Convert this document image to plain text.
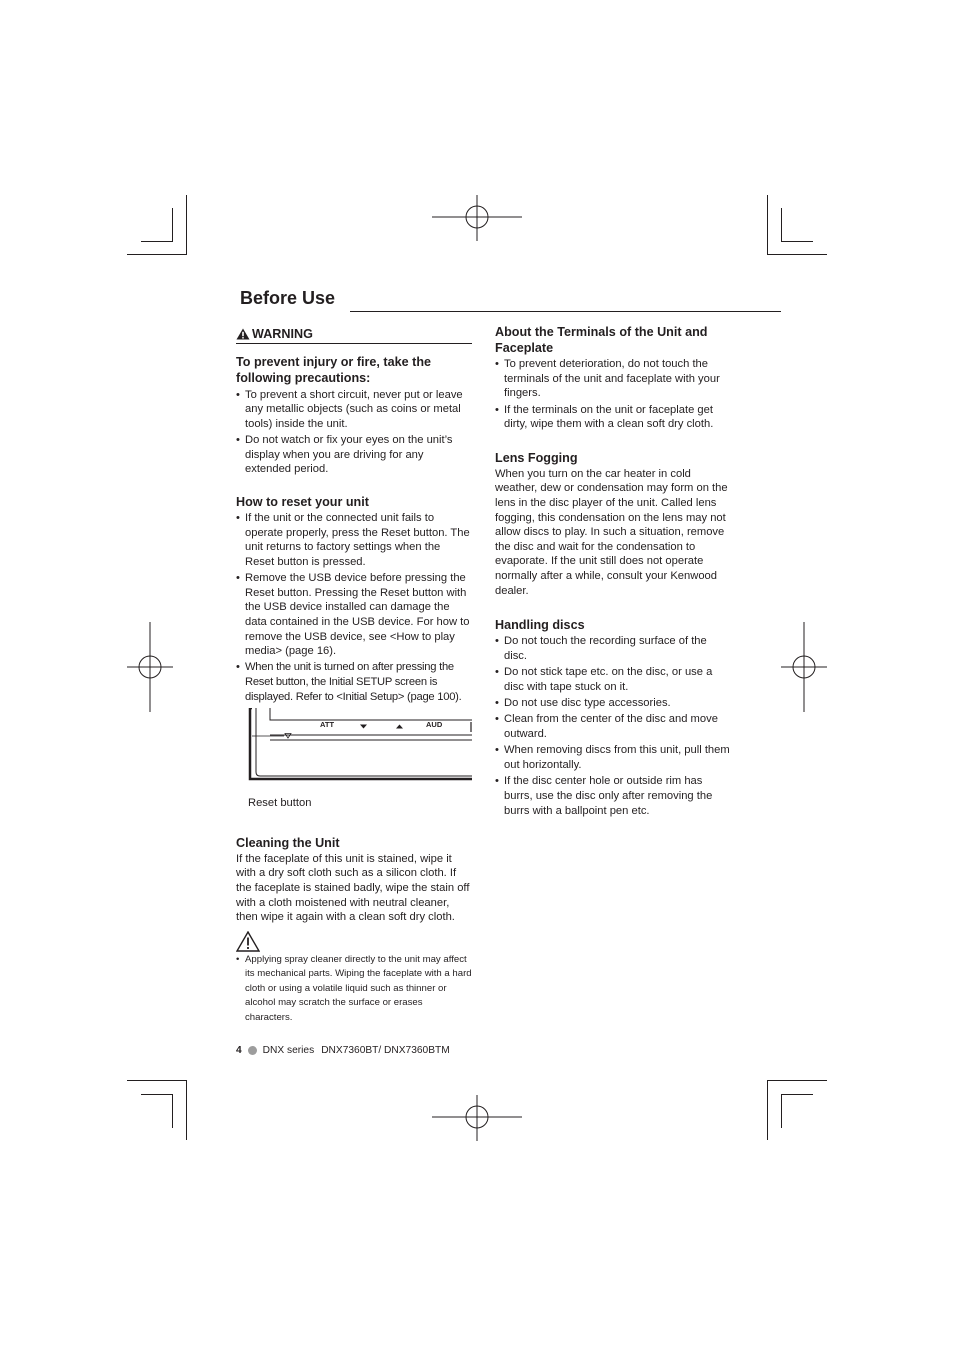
Before Use
WARNING
To prevent injury or fire, take the following precautions:
• To prevent a short circuit, never put or leave any metallic objects (such as coins or metal tools) inside the unit.
• Do not watch or fix your eyes on the unit’s display when you are driving for any extended period.
How to reset your unit
• If the unit or the connected unit fails to operate properly, press the Reset button. The unit returns to factory settings when the Reset button is pressed.
• Remove the USB device before pressing the Reset button. Pressing the Reset button with the USB device installed can damage the data contained in the USB device. For how to remove the USB device, see <How to play media> (page 16).
• When the unit is turned on after pressing the Reset button, the Initial SETUP screen is displayed. Refer to <Initial Setup> (page 100).
ATT	AUD
Reset button
Cleaning the Unit

If the faceplate of this unit is stained, wipe it with a dry soft cloth such as a silicon cloth. If the faceplate is stained badly, wipe the stain off with a cloth moistened with neutral cleaner, then wipe it again with a clean soft dry cloth.

• Applying spray cleaner directly to the unit may affect its mechanical parts. Wiping the faceplate with a hard cloth or using a volatile liquid such as thinner or alcohol may scratch the surface or erases characters.
About the Terminals of the Unit and Faceplate
• To prevent deterioration, do not touch the terminals of the unit and faceplate with your fingers.
• If the terminals on the unit or faceplate get dirty, wipe them with a clean soft dry cloth.
Lens Fogging

When you turn on the car heater in cold weather, dew or condensation may form on the lens in the disc player of the unit. Called lens fogging, this condensation on the lens may not allow discs to play. In such a situation, remove the disc and wait for the condensation to evaporate. If the unit still does not operate normally after a while, consult your Kenwood dealer.

Handling discs
• Do not touch the recording surface of the disc.
• Do not stick tape etc. on the disc, or use a disc with tape stuck on it.
• Do not use disc type accessories.
• Clean from the center of the disc and move outward.
• When removing discs from this unit, pull them out horizontally.
• If the disc center hole or outside rim has burrs, use the disc only after removing the burrs with a ballpoint pen etc.
4 DNX series DNX7360BT/ DNX7360BTM
